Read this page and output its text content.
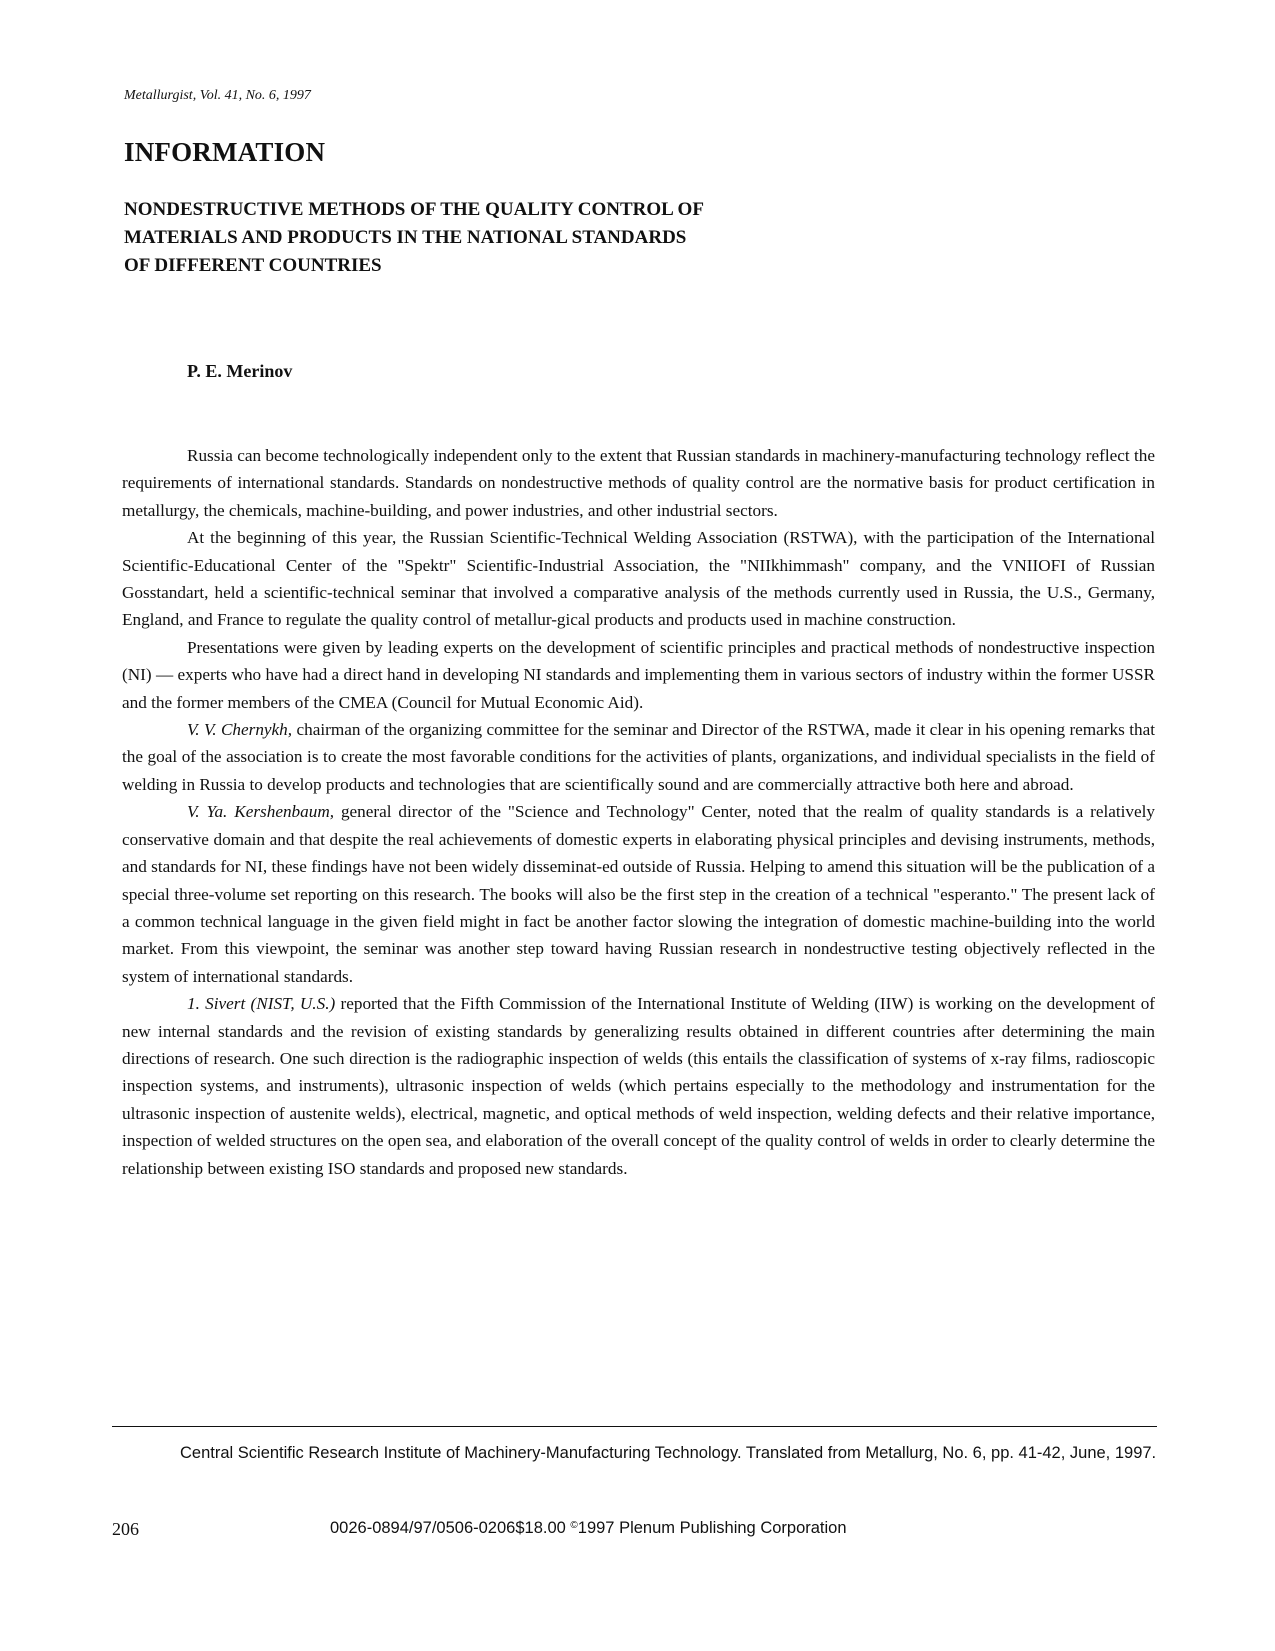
Metallurgist, Vol. 41, No. 6, 1997
INFORMATION
NONDESTRUCTIVE METHODS OF THE QUALITY CONTROL OF
MATERIALS AND PRODUCTS IN THE NATIONAL STANDARDS
OF DIFFERENT COUNTRIES
P. E. Merinov

Russia can become technologically independent only to the extent that Russian standards in machinery-manufacturing technology reflect the requirements of international standards. Standards on nondestructive methods of quality control are the normative basis for product certification in metallurgy, the chemicals, machine-building, and power industries, and other industrial sectors.

At the beginning of this year, the Russian Scientific-Technical Welding Association (RSTWA), with the participation of the International Scientific-Educational Center of the "Spektr" Scientific-Industrial Association, the "NIIkhimmash" company, and the VNIIOFI of Russian Gosstandart, held a scientific-technical seminar that involved a comparative analysis of the methods currently used in Russia, the U.S., Germany, England, and France to regulate the quality control of metallur-gical products and products used in machine construction.

Presentations were given by leading experts on the development of scientific principles and practical methods of nondestructive inspection (NI) — experts who have had a direct hand in developing NI standards and implementing them in various sectors of industry within the former USSR and the former members of the CMEA (Council for Mutual Economic Aid).

V. V. Chernykh, chairman of the organizing committee for the seminar and Director of the RSTWA, made it clear in his opening remarks that the goal of the association is to create the most favorable conditions for the activities of plants, organizations, and individual specialists in the field of welding in Russia to develop products and technologies that are scientifically sound and are commercially attractive both here and abroad.

V. Ya. Kershenbaum, general director of the "Science and Technology" Center, noted that the realm of quality standards is a relatively conservative domain and that despite the real achievements of domestic experts in elaborating physical principles and devising instruments, methods, and standards for NI, these findings have not been widely disseminat-ed outside of Russia. Helping to amend this situation will be the publication of a special three-volume set reporting on this research. The books will also be the first step in the creation of a technical "esperanto." The present lack of a common technical language in the given field might in fact be another factor slowing the integration of domestic machine-building into the world market. From this viewpoint, the seminar was another step toward having Russian research in nondestructive testing objectively reflected in the system of international standards.

1. Sivert (NIST, U.S.) reported that the Fifth Commission of the International Institute of Welding (IIW) is working on the development of new internal standards and the revision of existing standards by generalizing results obtained in different countries after determining the main directions of research. One such direction is the radiographic inspection of welds (this entails the classification of systems of x-ray films, radioscopic inspection systems, and instruments), ultrasonic inspection of welds (which pertains especially to the methodology and instrumentation for the ultrasonic inspection of austenite welds), electrical, magnetic, and optical methods of weld inspection, welding defects and their relative importance, inspection of welded structures on the open sea, and elaboration of the overall concept of the quality control of welds in order to clearly determine the relationship between existing ISO standards and proposed new standards.

Central Scientific Research Institute of Machinery-Manufacturing Technology. Translated from Metallurg, No. 6, pp. 41-42, June, 1997.
206	0026-0894/97/0506-0206$18.00 ©1997 Plenum Publishing Corporation
